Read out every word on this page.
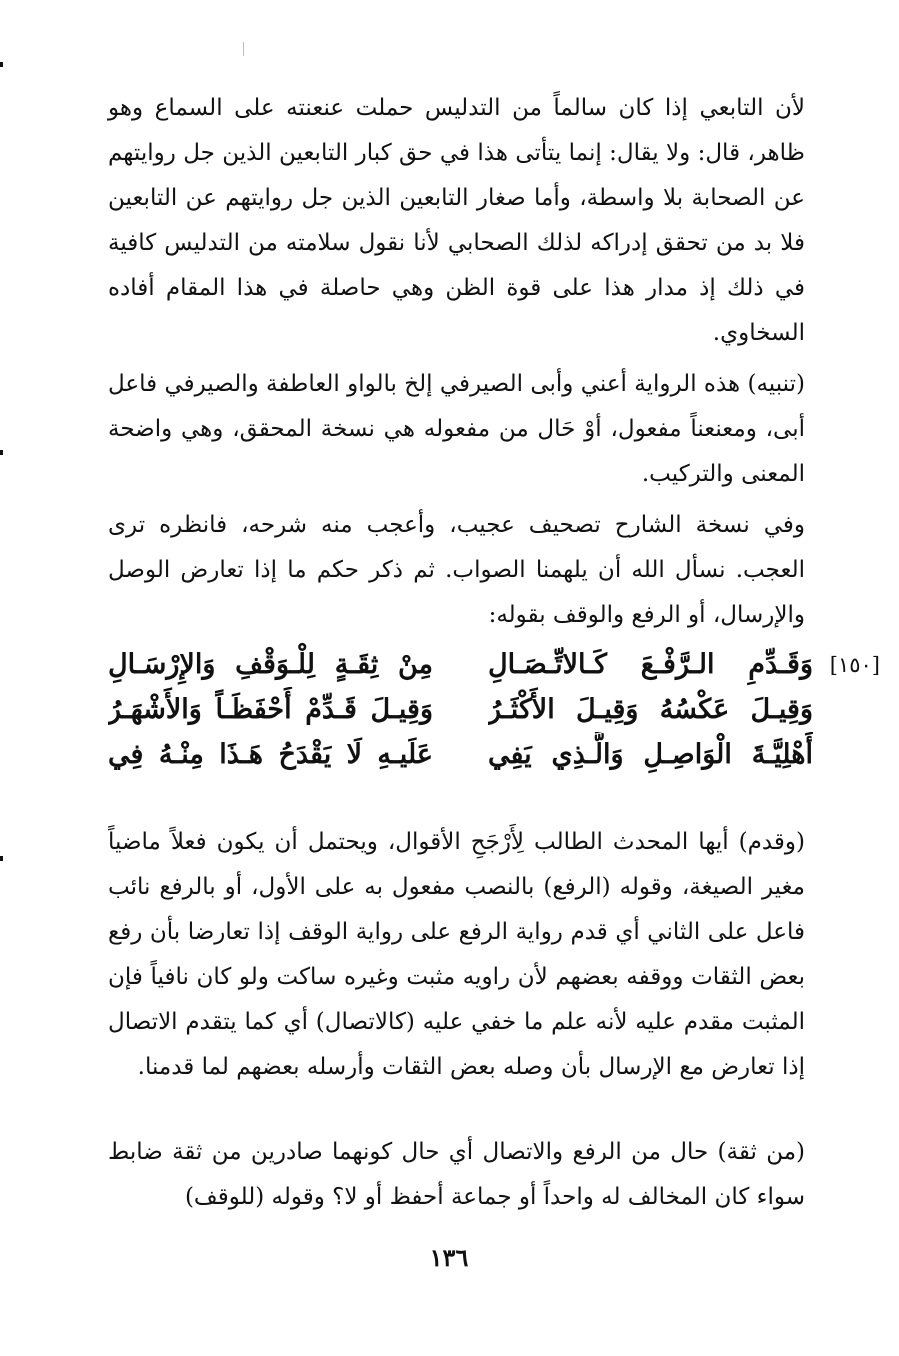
لأن التابعي إذا كان سالماً من التدليس حملت عنعنته على السماع وهو ظاهر، قال: ولا يقال: إنما يتأتى هذا في حق كبار التابعين الذين جل روايتهم عن الصحابة بلا واسطة، وأما صغار التابعين الذين جل روايتهم عن التابعين فلا بد من تحقق إدراكه لذلك الصحابي لأنا نقول سلامته من التدليس كافية في ذلك إذ مدار هذا على قوة الظن وهي حاصلة في هذا المقام أفاده السخاوي.

(تنبيه) هذه الرواية أعني وأبى الصيرفي إلخ بالواو العاطفة والصيرفي فاعل أبى، ومعنعناً مفعول، أوْ حَال من مفعوله هي نسخة المحقق، وهي واضحة المعنى والتركيب.

وفي نسخة الشارح تصحيف عجيب، وأعجب منه شرحه، فانظره ترى العجب. نسأل الله أن يلهمنا الصواب. ثم ذكر حكم ما إذا تعارض الوصل والإرسال، أو الرفع والوقف بقوله:

[١٥٠]
وَقَـدِّمِ الـرَّفْـعَ كَـالاتِّـصَـالِ
مِنْ ثِقَـةٍ لِلْـوَقْفِ وَالإِرْسَـالِ
وَقِيـلَ عَكْسُهُ وَقِيـلَ الأَكْثَـرُ
وَقِيـلَ قَـدِّمْ أَحْفَظَـاً وَالأَشْهَـرُ
أَهْلِيَّـةَ الْوَاصِـلِ وَالَّـذِي يَفِي
عَلَيـهِ لَا يَقْدَحُ هَـذَا مِنْـهُ فِي

(وقدم) أيها المحدث الطالب لِأَرْجَحِ الأقوال، ويحتمل أن يكون فعلاً ماضياً مغير الصيغة، وقوله (الرفع) بالنصب مفعول به على الأول، أو بالرفع نائب فاعل على الثاني أي قدم رواية الرفع على رواية الوقف إذا تعارضا بأن رفع بعض الثقات ووقفه بعضهم لأن راويه مثبت وغيره ساكت ولو كان نافياً فإن المثبت مقدم عليه لأنه علم ما خفي عليه (كالاتصال) أي كما يتقدم الاتصال إذا تعارض مع الإرسال بأن وصله بعض الثقات وأرسله بعضهم لما قدمنا.

(من ثقة) حال من الرفع والاتصال أي حال كونهما صادرين من ثقة ضابط سواء كان المخالف له واحداً أو جماعة أحفظ أو لا؟ وقوله (للوقف)

١٣٦
